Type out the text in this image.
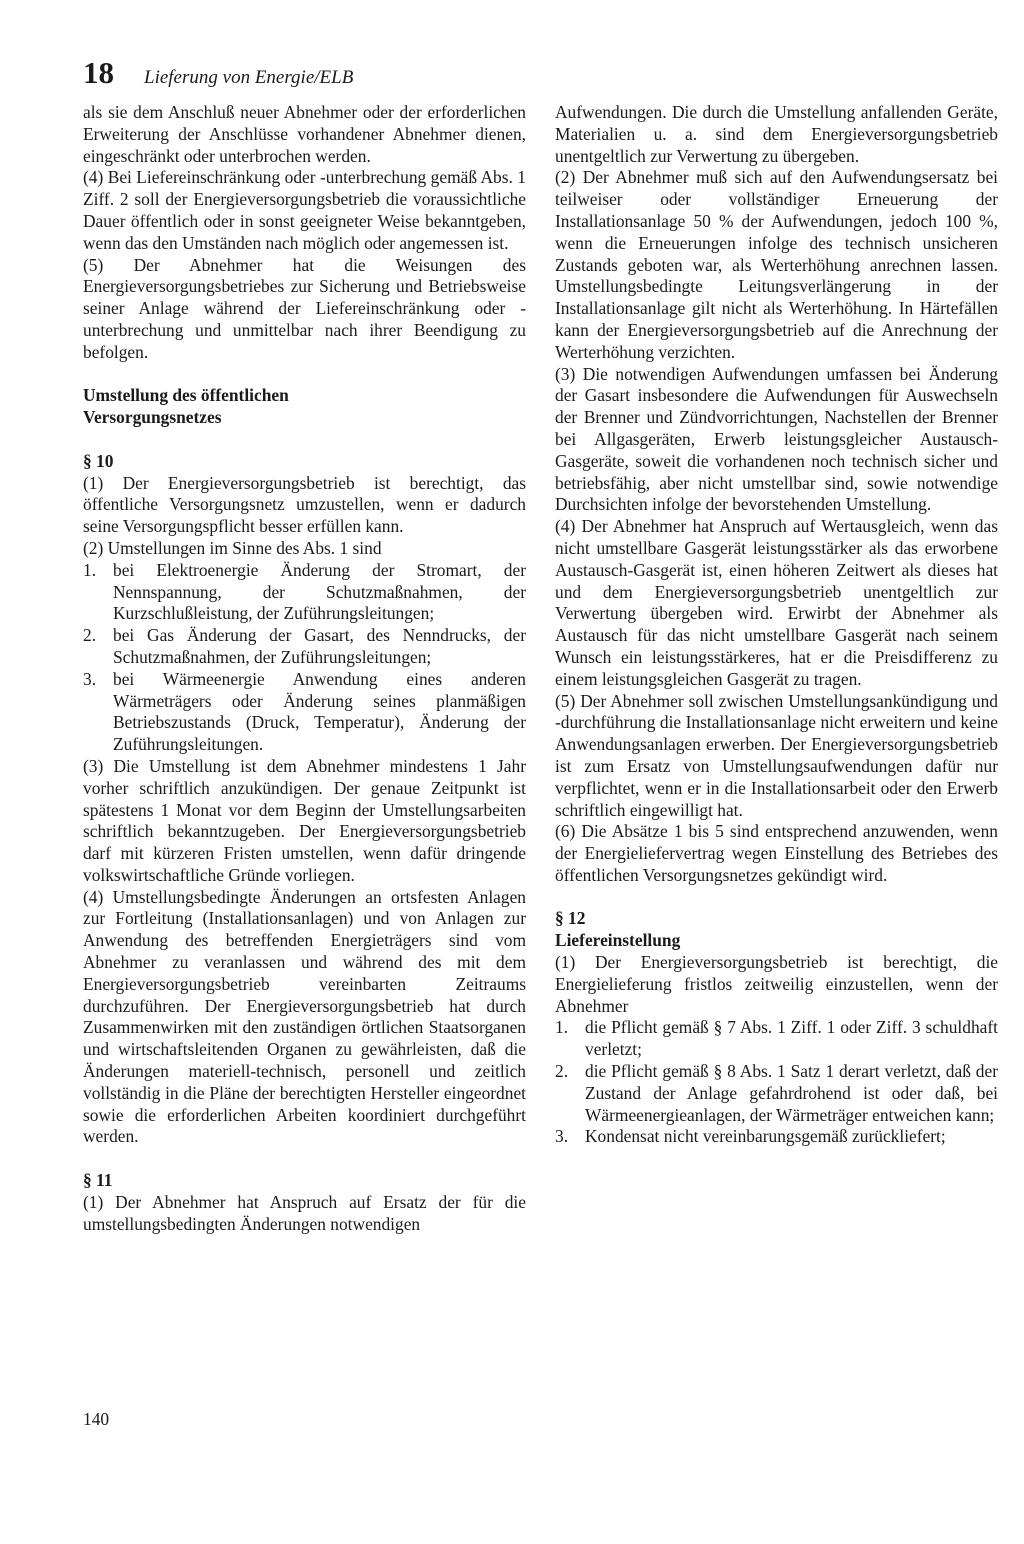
18 Lieferung von Energie/ELB

als sie dem Anschluß neuer Abnehmer oder der erforderlichen Erweiterung der Anschlüsse vorhandener Abnehmer dienen, eingeschränkt oder unterbrochen werden.

(4) Bei Liefereinschränkung oder -unterbrechung gemäß Abs. 1 Ziff. 2 soll der Energieversorgungsbetrieb die voraussichtliche Dauer öffentlich oder in sonst geeigneter Weise bekanntgeben, wenn das den Umständen nach möglich oder angemessen ist.

(5) Der Abnehmer hat die Weisungen des Energieversorgungsbetriebes zur Sicherung und Betriebsweise seiner Anlage während der Liefereinschränkung oder -unterbrechung und unmittelbar nach ihrer Beendigung zu befolgen.

Umstellung des öffentlichen

Versorgungsnetzes

§ 10

(1) Der Energieversorgungsbetrieb ist berechtigt, das öffentliche Versorgungsnetz umzustellen, wenn er dadurch seine Versorgungspflicht besser erfüllen kann.

(2) Umstellungen im Sinne des Abs. 1 sind

1. bei Elektroenergie Änderung der Stromart, der Nennspannung, der Schutzmaßnahmen, der Kurzschlußleistung, der Zuführungsleitungen;
2. bei Gas Änderung der Gasart, des Nenndrucks, der Schutzmaßnahmen, der Zuführungsleitungen;
3. bei Wärmeenergie Anwendung eines anderen Wärmeträgers oder Änderung seines planmäßigen Betriebszustands (Druck, Temperatur), Änderung der Zuführungsleitungen.

(3) Die Umstellung ist dem Abnehmer mindestens 1 Jahr vorher schriftlich anzukündigen. Der genaue Zeitpunkt ist spätestens 1 Monat vor dem Beginn der Umstellungsarbeiten schriftlich bekanntzugeben. Der Energieversorgungsbetrieb darf mit kürzeren Fristen umstellen, wenn dafür dringende volkswirtschaftliche Gründe vorliegen.

(4) Umstellungsbedingte Änderungen an ortsfesten Anlagen zur Fortleitung (Installationsanlagen) und von Anlagen zur Anwendung des betreffenden Energieträgers sind vom Abnehmer zu veranlassen und während des mit dem Energieversorgungsbetrieb vereinbarten Zeitraums durchzuführen. Der Energieversorgungsbetrieb hat durch Zusammenwirken mit den zuständigen örtlichen Staatsorganen und wirtschaftsleitenden Organen zu gewährleisten, daß die Änderungen materiell-technisch, personell und zeitlich vollständig in die Pläne der berechtigten Hersteller eingeordnet sowie die erforderlichen Arbeiten koordiniert durchgeführt werden.

§ 11

(1) Der Abnehmer hat Anspruch auf Ersatz der für die umstellungsbedingten Änderungen notwendigen

Aufwendungen. Die durch die Umstellung anfallenden Geräte, Materialien u. a. sind dem Energieversorgungsbetrieb unentgeltlich zur Verwertung zu übergeben.

(2) Der Abnehmer muß sich auf den Aufwendungsersatz bei teilweiser oder vollständiger Erneuerung der Installationsanlage 50 % der Aufwendungen, jedoch 100 %, wenn die Erneuerungen infolge des technisch unsicheren Zustands geboten war, als Werterhöhung anrechnen lassen. Umstellungsbedingte Leitungsverlängerung in der Installationsanlage gilt nicht als Werterhöhung. In Härtefällen kann der Energieversorgungsbetrieb auf die Anrechnung der Werterhöhung verzichten.

(3) Die notwendigen Aufwendungen umfassen bei Änderung der Gasart insbesondere die Aufwendungen für Auswechseln der Brenner und Zündvorrichtungen, Nachstellen der Brenner bei Allgasgeräten, Erwerb leistungsgleicher Austausch-Gasgeräte, soweit die vorhandenen noch technisch sicher und betriebsfähig, aber nicht umstellbar sind, sowie notwendige Durchsichten infolge der bevorstehenden Umstellung.

(4) Der Abnehmer hat Anspruch auf Wertausgleich, wenn das nicht umstellbare Gasgerät leistungsstärker als das erworbene Austausch-Gasgerät ist, einen höheren Zeitwert als dieses hat und dem Energieversorgungsbetrieb unentgeltlich zur Verwertung übergeben wird. Erwirbt der Abnehmer als Austausch für das nicht umstellbare Gasgerät nach seinem Wunsch ein leistungsstärkeres, hat er die Preisdifferenz zu einem leistungsgleichen Gasgerät zu tragen.

(5) Der Abnehmer soll zwischen Umstellungsankündigung und -durchführung die Installationsanlage nicht erweitern und keine Anwendungsanlagen erwerben. Der Energieversorgungsbetrieb ist zum Ersatz von Umstellungsaufwendungen dafür nur verpflichtet, wenn er in die Installationsarbeit oder den Erwerb schriftlich eingewilligt hat.

(6) Die Absätze 1 bis 5 sind entsprechend anzuwenden, wenn der Energieliefervertrag wegen Einstellung des Betriebes des öffentlichen Versorgungsnetzes gekündigt wird.

§ 12

Liefereinstellung

(1) Der Energieversorgungsbetrieb ist berechtigt, die Energielieferung fristlos zeitweilig einzustellen, wenn der Abnehmer

1. die Pflicht gemäß § 7 Abs. 1 Ziff. 1 oder Ziff. 3 schuldhaft verletzt;
2. die Pflicht gemäß § 8 Abs. 1 Satz 1 derart verletzt, daß der Zustand der Anlage gefahrdrohend ist oder daß, bei Wärmeenergieanlagen, der Wärmeträger entweichen kann;
3. Kondensat nicht vereinbarungsgemäß zurückliefert;
140
